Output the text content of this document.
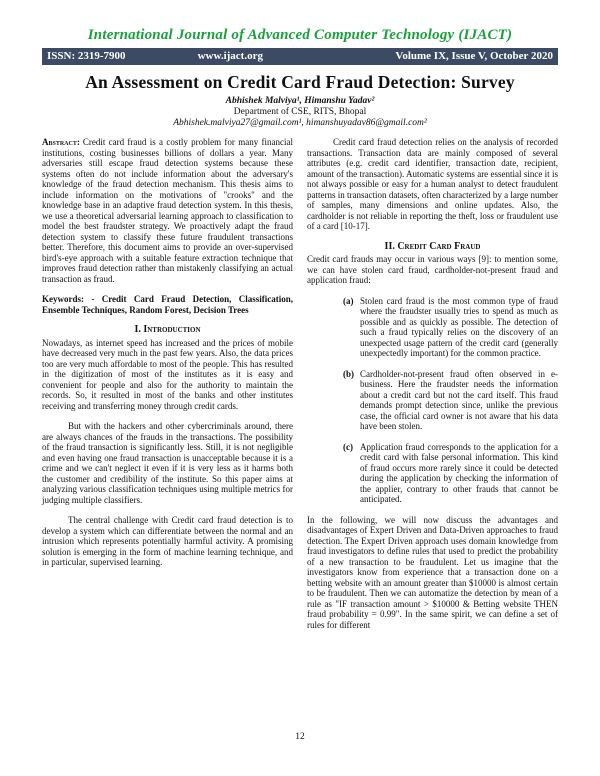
International Journal of Advanced Computer Technology (IJACT)
ISSN: 2319-7900	www.ijact.org	Volume IX, Issue V, October 2020
An Assessment on Credit Card Fraud Detection: Survey
Abhishek Malviya¹, Himanshu Yadav²
Department of CSE, RITS, Bhopal
Abhishek.malviya27@gmail.com¹, himanshuyadav86@gmail.com²

Abstract: Credit card fraud is a costly problem for many financial institutions, costing businesses billions of dollars a year. Many adversaries still escape fraud detection systems because these systems often do not include information about the adversary's knowledge of the fraud detection mechanism. This thesis aims to include information on the motivations of "crooks" and the knowledge base in an adaptive fraud detection system. In this thesis, we use a theoretical adversarial learning approach to classification to model the best fraudster strategy. We proactively adapt the fraud detection system to classify these future fraudulent transactions better. Therefore, this document aims to provide an over-supervised bird's-eye approach with a suitable feature extraction technique that improves fraud detection rather than mistakenly classifying an actual transaction as fraud.

Keywords: - Credit Card Fraud Detection, Classification, Ensemble Techniques, Random Forest, Decision Trees

I. Introduction

Nowadays, as internet speed has increased and the prices of mobile have decreased very much in the past few years. Also, the data prices too are very much affordable to most of the people. This has resulted in the digitization of most of the institutes as it is easy and convenient for people and also for the authority to maintain the records. So, it resulted in most of the banks and other institutes receiving and transferring money through credit cards.

But with the hackers and other cybercriminals around, there are always chances of the frauds in the transactions. The possibility of the fraud transaction is significantly less. Still, it is not negligible and even having one fraud transaction is unacceptable because it is a crime and we can't neglect it even if it is very less as it harms both the customer and credibility of the institute. So this paper aims at analyzing various classification techniques using multiple metrics for judging multiple classifiers.

The central challenge with Credit card fraud detection is to develop a system which can differentiate between the normal and an intrusion which represents potentially harmful activity. A promising solution is emerging in the form of machine learning technique, and in particular, supervised learning.

Credit card fraud detection relies on the analysis of recorded transactions. Transaction data are mainly composed of several attributes (e.g. credit card identifier, transaction date, recipient, amount of the transaction). Automatic systems are essential since it is not always possible or easy for a human analyst to detect fraudulent patterns in transaction datasets, often characterized by a large number of samples, many dimensions and online updates. Also, the cardholder is not reliable in reporting the theft, loss or fraudulent use of a card [10-17].

II. Credit Card Fraud

Credit card frauds may occur in various ways [9]: to mention some, we can have stolen card fraud, cardholder-not-present fraud and application fraud:

(a) Stolen card fraud is the most common type of fraud where the fraudster usually tries to spend as much as possible and as quickly as possible. The detection of such a fraud typically relies on the discovery of an unexpected usage pattern of the credit card (generally unexpectedly important) for the common practice.
(b) Cardholder-not-present fraud often observed in e-business. Here the fraudster needs the information about a credit card but not the card itself. This fraud demands prompt detection since, unlike the previous case, the official card owner is not aware that his data have been stolen.
(c) Application fraud corresponds to the application for a credit card with false personal information. This kind of fraud occurs more rarely since it could be detected during the application by checking the information of the applier, contrary to other frauds that cannot be anticipated.

In the following, we will now discuss the advantages and disadvantages of Expert Driven and Data-Driven approaches to fraud detection. The Expert Driven approach uses domain knowledge from fraud investigators to define rules that used to predict the probability of a new transaction to be fraudulent. Let us imagine that the investigators know from experience that a transaction done on a betting website with an amount greater than $10000 is almost certain to be fraudulent. Then we can automatize the detection by mean of a rule as "IF transaction amount > $10000 & Betting website THEN fraud probability = 0.99". In the same spirit, we can define a set of rules for different

12
